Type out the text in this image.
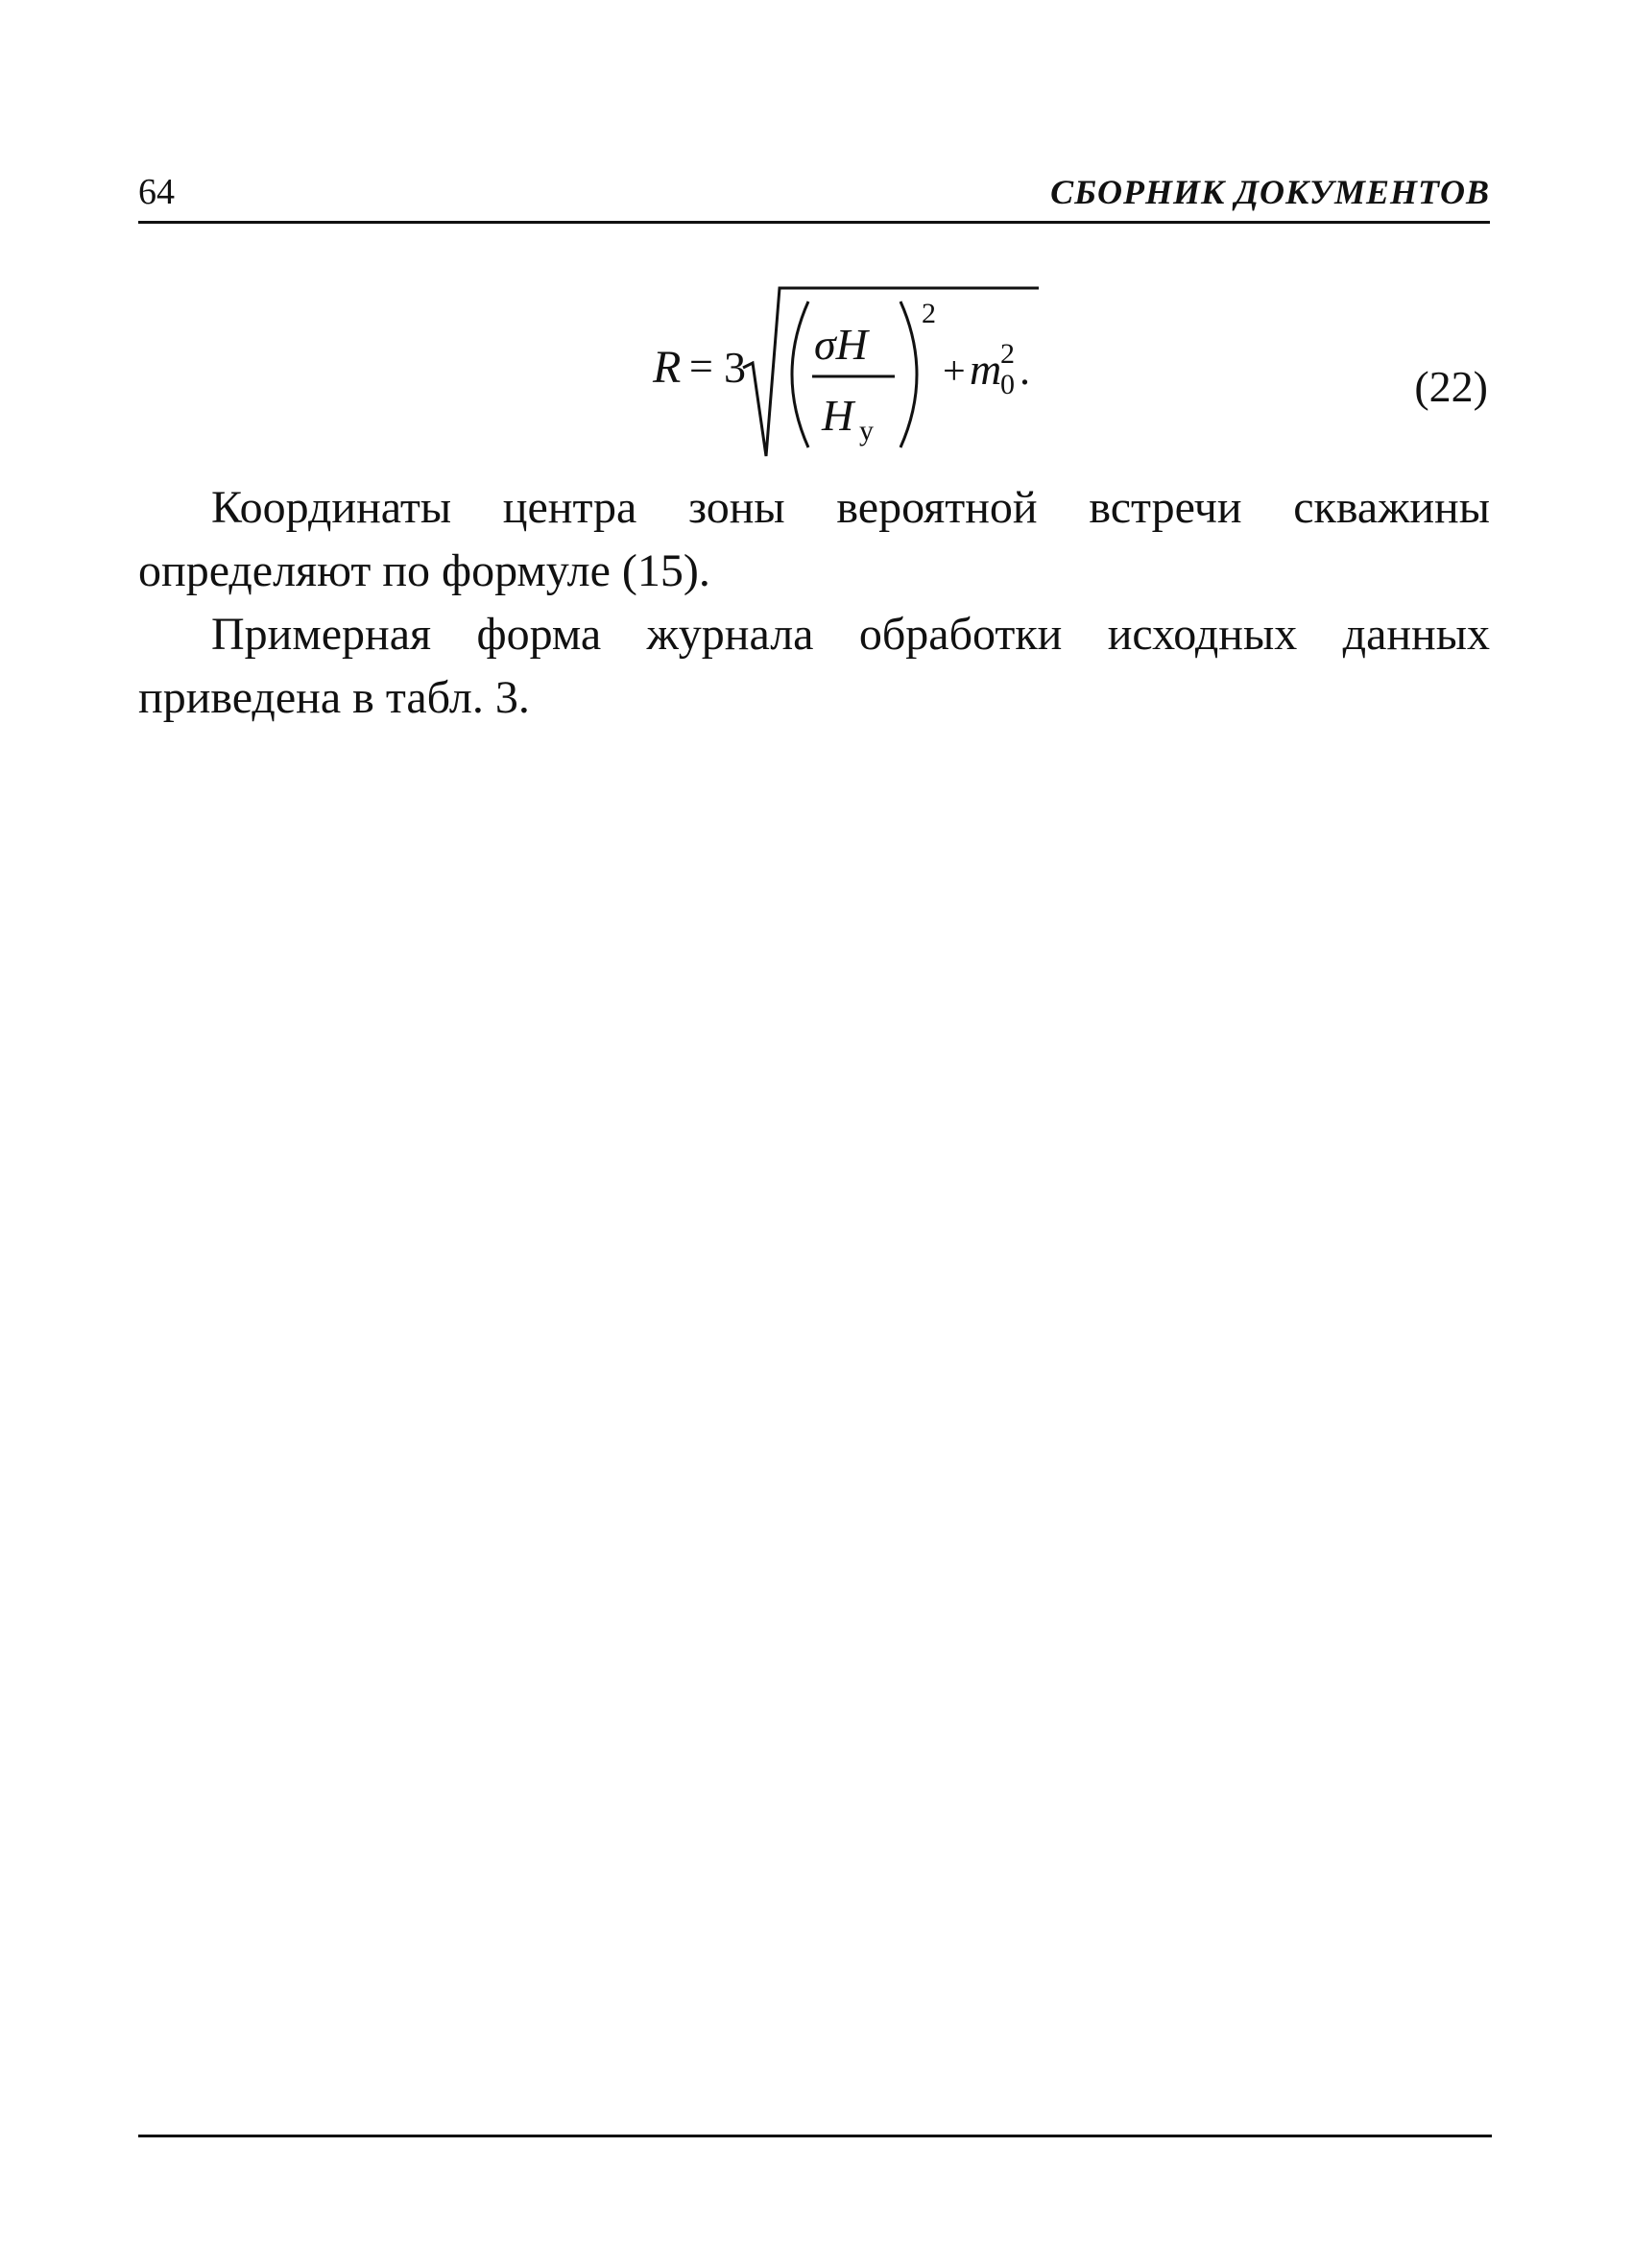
64	СБОРНИК ДОКУМЕНТОВ
R = 3 σH
H у
2
+ m
2
0 .	(22)

Координаты центра зоны вероятной встречи скважины определяют по формуле (15).

Примерная форма журнала обработки исходных данных приведена в табл. 3.
